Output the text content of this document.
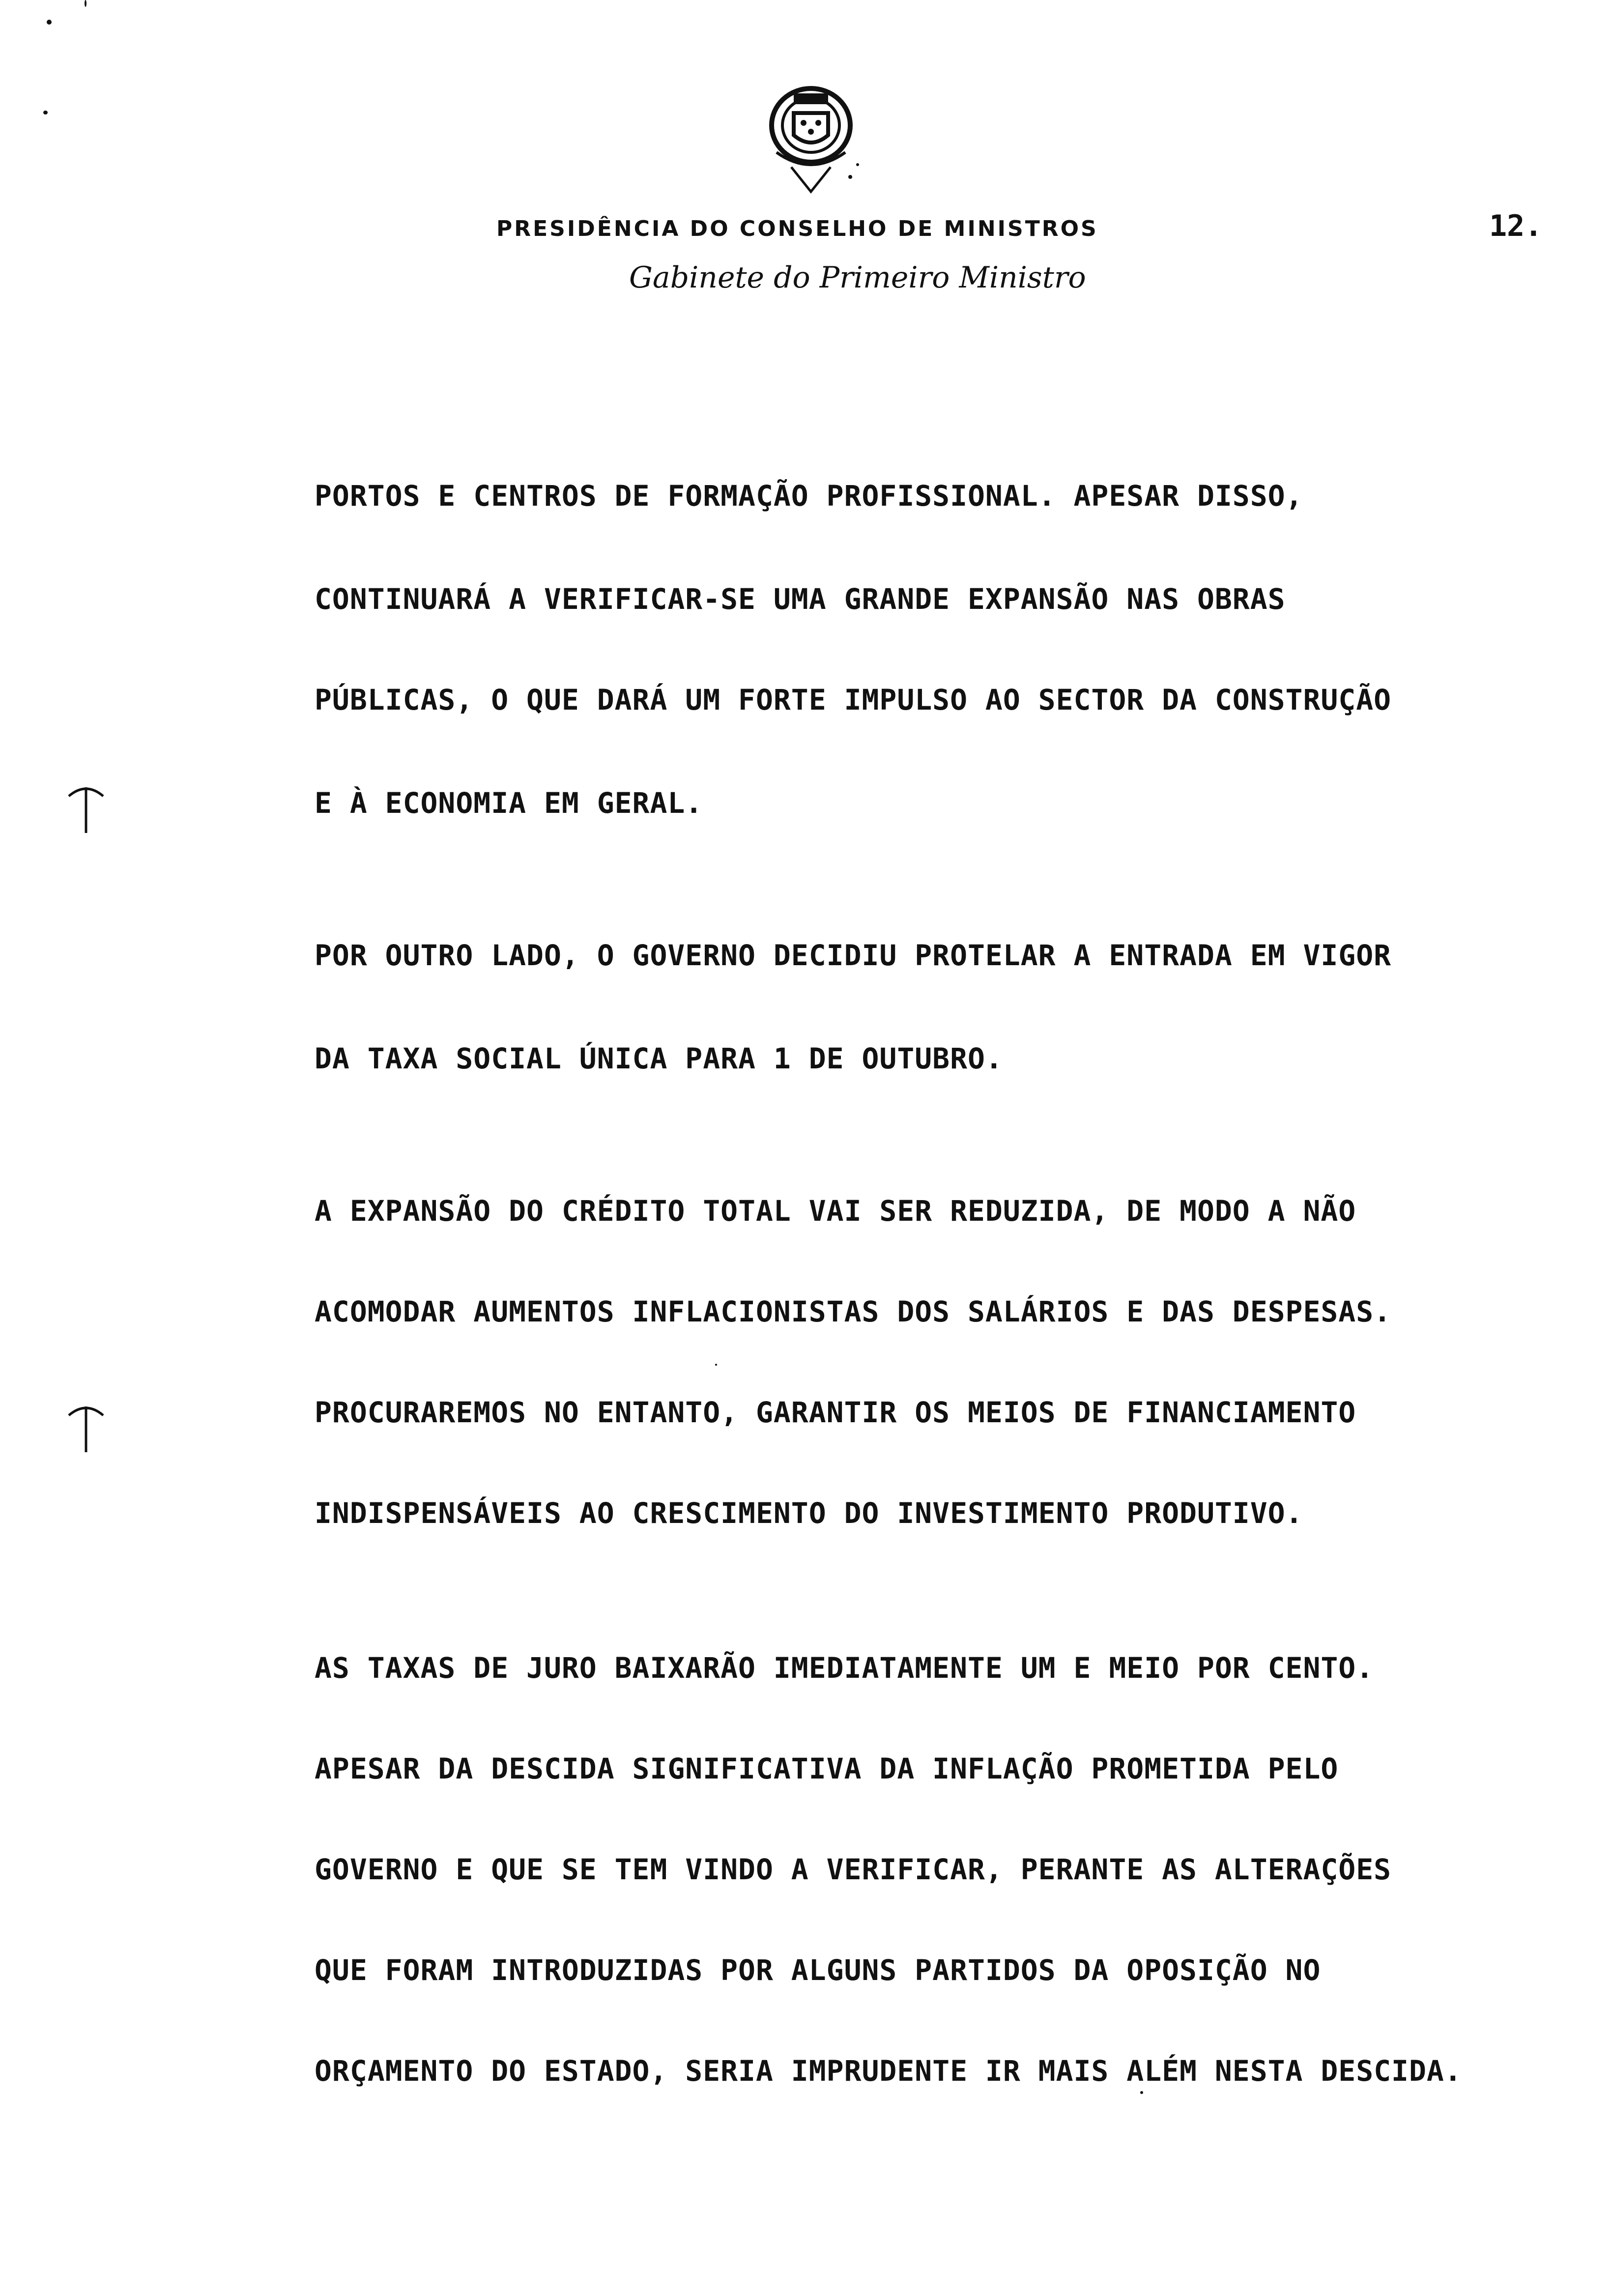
PRESIDÊNCIA DO CONSELHO DE MINISTROS	12.
Gabinete do Primeiro Ministro
PORTOS E CENTROS DE FORMAÇÃO PROFISSIONAL. APESAR DISSO,
CONTINUARÁ A VERIFICAR-SE UMA GRANDE EXPANSÃO NAS OBRAS
PÚBLICAS, O QUE DARÁ UM FORTE IMPULSO AO SECTOR DA CONSTRUÇÃO
E À ECONOMIA EM GERAL.
POR OUTRO LADO, O GOVERNO DECIDIU PROTELAR A ENTRADA EM VIGOR
DA TAXA SOCIAL ÚNICA PARA 1 DE OUTUBRO.
A EXPANSÃO DO CRÉDITO TOTAL VAI SER REDUZIDA, DE MODO A NÃO
ACOMODAR AUMENTOS INFLACIONISTAS DOS SALÁRIOS E DAS DESPESAS.
PROCURAREMOS NO ENTANTO, GARANTIR OS MEIOS DE FINANCIAMENTO
INDISPENSÁVEIS AO CRESCIMENTO DO INVESTIMENTO PRODUTIVO.
AS TAXAS DE JURO BAIXARÃO IMEDIATAMENTE UM E MEIO POR CENTO.
APESAR DA DESCIDA SIGNIFICATIVA DA INFLAÇÃO PROMETIDA PELO
GOVERNO E QUE SE TEM VINDO A VERIFICAR, PERANTE AS ALTERAÇÕES
QUE FORAM INTRODUZIDAS POR ALGUNS PARTIDOS DA OPOSIÇÃO NO
ORÇAMENTO DO ESTADO, SERIA IMPRUDENTE IR MAIS ALÉM NESTA DESCIDA.
